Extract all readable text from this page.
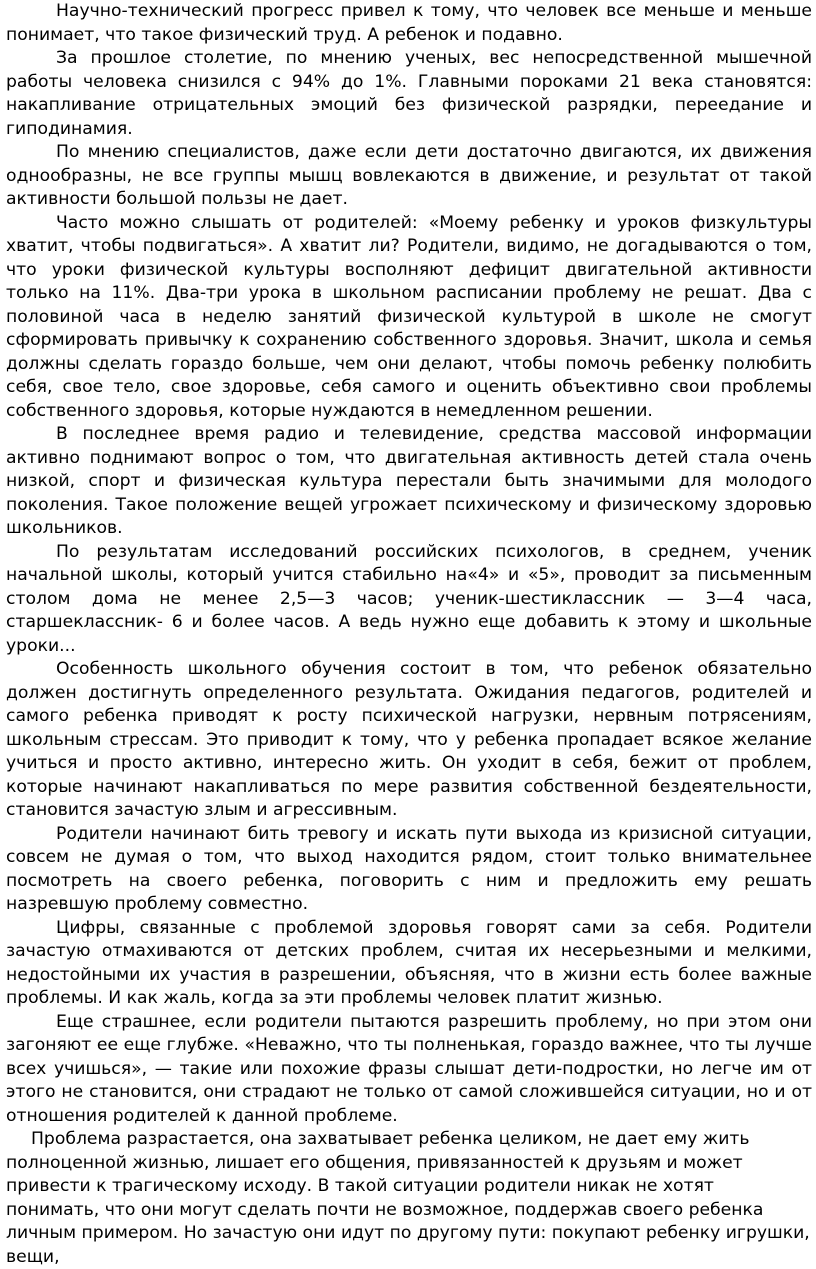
Научно-технический прогресс привел к тому, что человек все меньше и меньше понимает, что такое физический труд. А ребенок и подавно.

За прошлое столетие, по мнению ученых, вес непосредственной мышечной работы человека снизился с 94% до 1%. Главными пороками 21 века становятся: накапливание отрицательных эмоций без физической разрядки, переедание и гиподинамия.

По мнению специалистов, даже если дети достаточно двигаются, их движения однообразны, не все группы мышц вовлекаются в движение, и результат от такой активности большой пользы не дает.

Часто можно слышать от родителей: «Моему ребенку и уроков физкультуры хватит, чтобы подвигаться». А хватит ли? Родители, видимо, не догадываются о том, что уроки физической культуры восполняют дефицит двигательной активности только на 11%. Два-три урока в школьном расписании проблему не решат. Два с половиной часа в неделю занятий физической культурой в школе не смогут сформировать привычку к сохранению собственного здоровья. Значит, школа и семья должны сделать гораздо больше, чем они делают, чтобы помочь ребенку полюбить себя, свое тело, свое здоровье, себя самого и оценить объективно свои проблемы собственного здоровья, которые нуждаются в немедленном решении.

В последнее время радио и телевидение, средства массовой информации активно поднимают вопрос о том, что двигательная активность детей стала очень низкой, спорт и физическая культура перестали быть значимыми для молодого поколения. Такое положение вещей угрожает психическому и физическому здоровью школьников.

По результатам исследований российских психологов, в среднем, ученик начальной школы, который учится стабильно на«4» и «5», проводит за письменным столом дома не менее 2,5—3 часов; ученик-шестиклассник — 3—4 часа, старшеклассник- 6 и более часов. А ведь нужно еще добавить к этому и школьные уроки...

Особенность школьного обучения состоит в том, что ребенок обязательно должен достигнуть определенного результата. Ожидания педагогов, родителей и самого ребенка приводят к росту психической нагрузки, нервным потрясениям, школьным стрессам. Это приводит к тому, что у ребенка пропадает всякое желание учиться и просто активно, интересно жить. Он уходит в себя, бежит от проблем, которые начинают накапливаться по мере развития собственной бездеятельности, становится зачастую злым и агрессивным.

Родители начинают бить тревогу и искать пути выхода из кризисной ситуации, совсем не думая о том, что выход находится рядом, стоит только внимательнее посмотреть на своего ребенка, поговорить с ним и предложить ему решать назревшую проблему совместно.

Цифры, связанные с проблемой здоровья говорят сами за себя. Родители зачастую отмахиваются от детских проблем, считая их несерьезными и мелкими, недостойными их участия в разрешении, объясняя, что в жизни есть более важные проблемы. И как жаль, когда за эти проблемы человек платит жизнью.

Еще страшнее, если родители пытаются разрешить проблему, но при этом они загоняют ее еще глубже. «Неважно, что ты полненькая, гораздо важнее, что ты лучше всех учишься», — такие или похожие фразы слышат дети-подростки, но легче им от этого не становится, они страдают не только от самой сложившейся ситуации, но и от отношения родителей к данной проблеме.

Проблема разрастается, она захватывает ребенка целиком, не дает ему жить полноценной жизнью, лишает его общения, привязанностей к друзьям и может привести к трагическому исходу. В такой ситуации родители никак не хотят понимать, что они могут сделать почти не возможное, поддержав своего ребенка личным примером. Но зачастую они идут по другому пути: покупают ребенку игрушки, вещи,
